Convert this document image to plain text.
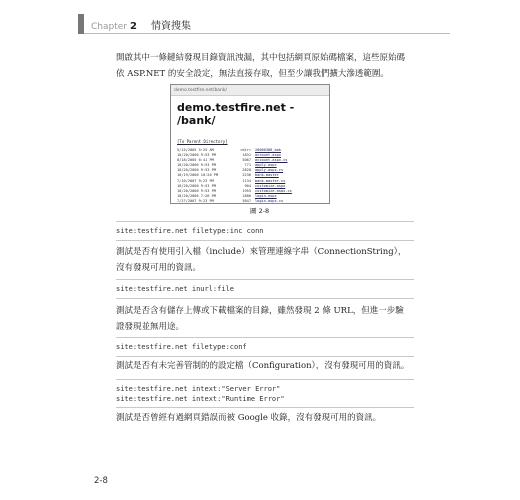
Chapter 2 情資搜集
開啟其中一條鏈結發現目錄資訊洩漏，其中包括網頁原始碼檔案，這些原始碼依 ASP.NET 的安全設定，無法直接存取，但至少讓我們擴大滲透範圍。
demo.testfire.net/bank/
demo.testfire.net - /bank/
[To Parent Directory]
5/15/2005 5:25 AM	<dir> 20060308_bak
10/20/2006 9:53 PM	1831 account.aspx
8/18/2005 6:41 PM	5067 account.aspx.cs
10/20/2006 9:53 PM	771 apply.aspx
10/20/2006 9:53 PM	2828 apply.aspx.cs
10/19/2006 10:20 PM	2236 bank.master
7/16/2007 9:23 PM	1134 bank.master.cs
10/20/2006 9:53 PM	904 customize.aspx
10/20/2006 9:53 PM	1955 customize.aspx.cs
10/20/2006 7:26 PM	1806 login.aspx
7/27/2007 9:23 PM	5847 login.aspx.cs
圖 2-8
site:testfire.net filetype:inc conn
測試是否有使用引入檔（include）來管理連線字串（ConnectionString），沒有發現可用的資訊。
site:testfire.net inurl:file
測試是否含有儲存上傳或下載檔案的目錄，雖然發現 2 條 URL，但進一步驗證發現並無用途。
site:testfire.net filetype:conf
測試是否有未完善管制的的設定檔（Configuration），沒有發現可用的資訊。
site:testfire.net intext:"Server Error"
site:testfire.net intext:"Runtime Error"
測試是否曾經有過網頁錯誤而被 Google 收錄，沒有發現可用的資訊。
2-8
